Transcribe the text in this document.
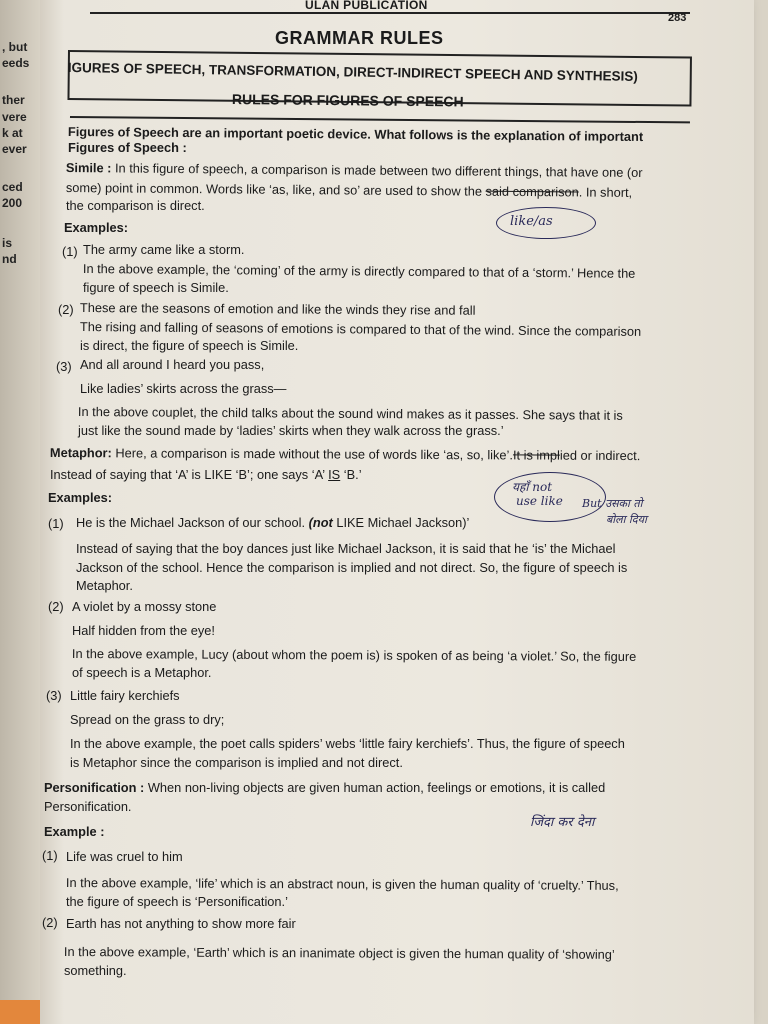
, but
eeds
ther
vere
k at
ever
ced
200
is
nd
ULAN PUBLICATION
283
GRAMMAR RULES
IGURES OF SPEECH, TRANSFORMATION, DIRECT-INDIRECT SPEECH AND SYNTHESIS)
RULES FOR FIGURES OF SPEECH
Figures of Speech are an important poetic device. What follows is the explanation of important
Figures of Speech :
Simile : In this figure of speech, a comparison is made between two different things, that have one (or
some) point in common. Words like ‘as, like, and so’ are used to show the said comparison. In short,
the comparison is direct.
like/as
Examples:
(1) The army came like a storm.
In the above example, the ‘coming’ of the army is directly compared to that of a ‘storm.’ Hence the
figure of speech is Simile.
(2) These are the seasons of emotion and like the winds they rise and fall
The rising and falling of seasons of emotions is compared to that of the wind. Since the comparison
is direct, the figure of speech is Simile.
(3) And all around I heard you pass,
Like ladies’ skirts across the grass—
In the above couplet, the child talks about the sound wind makes as it passes. She says that it is
just like the sound made by ‘ladies’ skirts when they walk across the grass.’
Metaphor: Here, a comparison is made without the use of words like ‘as, so, like’.It is implied or indirect.
Instead of saying that ‘A’ is LIKE ‘B’; one says ‘A’ IS ‘B.’
Examples:
यहाँ not
use like But उसका तो
बोला दिया
(1) He is the Michael Jackson of our school. (not LIKE Michael Jackson)’
Instead of saying that the boy dances just like Michael Jackson, it is said that he ‘is’ the Michael
Jackson of the school. Hence the comparison is implied and not direct. So, the figure of speech is
Metaphor.
(2) A violet by a mossy stone
Half hidden from the eye!
In the above example, Lucy (about whom the poem is) is spoken of as being ‘a violet.’ So, the figure
of speech is a Metaphor.
(3) Little fairy kerchiefs
Spread on the grass to dry;
In the above example, the poet calls spiders’ webs ‘little fairy kerchiefs’. Thus, the figure of speech
is Metaphor since the comparison is implied and not direct.
Personification : When non-living objects are given human action, feelings or emotions, it is called
Personification.
जिंदा कर देना
Example :
(1) Life was cruel to him
In the above example, ‘life’ which is an abstract noun, is given the human quality of ‘cruelty.’ Thus,
the figure of speech is ‘Personification.’
(2) Earth has not anything to show more fair
In the above example, ‘Earth’ which is an inanimate object is given the human quality of ‘showing’
something.
